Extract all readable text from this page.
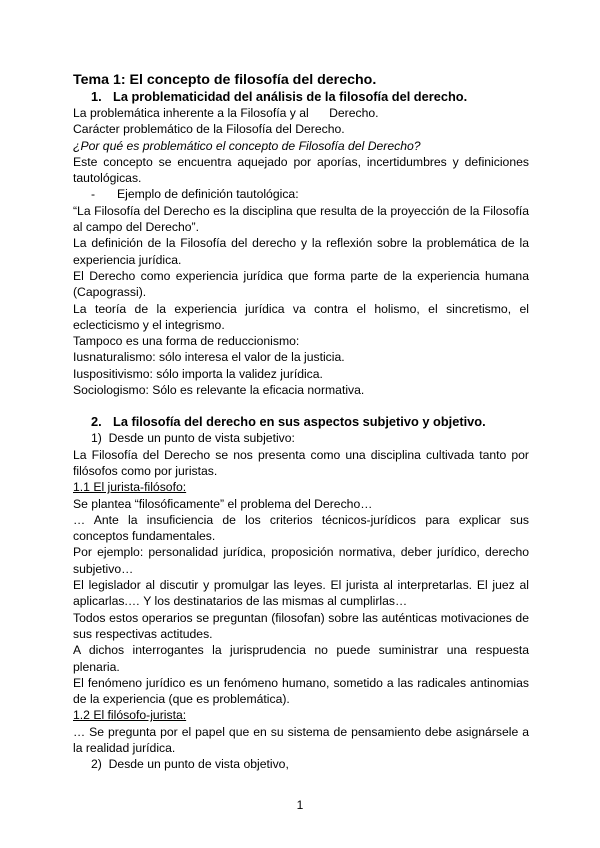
Tema 1: El concepto de filosofía del derecho.

1. La problematicidad del análisis de la filosofía del derecho.

La problemática inherente a la Filosofía y al      Derecho.

Carácter problemático de la Filosofía del Derecho.

¿Por qué es problemático el concepto de Filosofía del Derecho?

Este concepto se encuentra aquejado por aporías, incertidumbres y definiciones tautológicas.

- Ejemplo de definición tautológica:

“La Filosofía del Derecho es la disciplina que resulta de la proyección de la Filosofía al campo del Derecho”.

La definición de la Filosofía del derecho y la reflexión sobre la problemática de la experiencia jurídica.

El Derecho como experiencia jurídica que forma parte de la experiencia humana (Capograssi).

La teoría de la experiencia jurídica va contra el holismo, el sincretismo, el eclecticismo y el integrismo.

Tampoco es una forma de reduccionismo:

Iusnaturalismo: sólo interesa el valor de la justicia.

Iuspositivismo: sólo importa la validez jurídica.

Sociologismo: Sólo es relevante la eficacia normativa.

2. La filosofía del derecho en sus aspectos subjetivo y objetivo.

1)  Desde un punto de vista subjetivo:

La Filosofía del Derecho se nos presenta como una disciplina cultivada tanto por filósofos como por juristas.

1.1 El jurista-filósofo:

Se plantea “filosóficamente” el problema del Derecho…

… Ante la insuficiencia de los criterios técnicos-jurídicos para explicar sus conceptos fundamentales.

Por ejemplo: personalidad jurídica, proposición normativa, deber jurídico, derecho subjetivo…

El legislador al discutir y promulgar las leyes. El jurista al interpretarlas. El juez al aplicarlas.… Y los destinatarios de las mismas al cumplirlas…

Todos estos operarios se preguntan (filosofan) sobre las auténticas motivaciones de sus respectivas actitudes.

A dichos interrogantes la jurisprudencia no puede suministrar una respuesta plenaria.

El fenómeno jurídico es un fenómeno humano, sometido a las radicales antinomias de la experiencia (que es problemática).

1.2 El filósofo-jurista:

… Se pregunta por el papel que en su sistema de pensamiento debe asignársele a la realidad jurídica.

2)  Desde un punto de vista objetivo,

1
